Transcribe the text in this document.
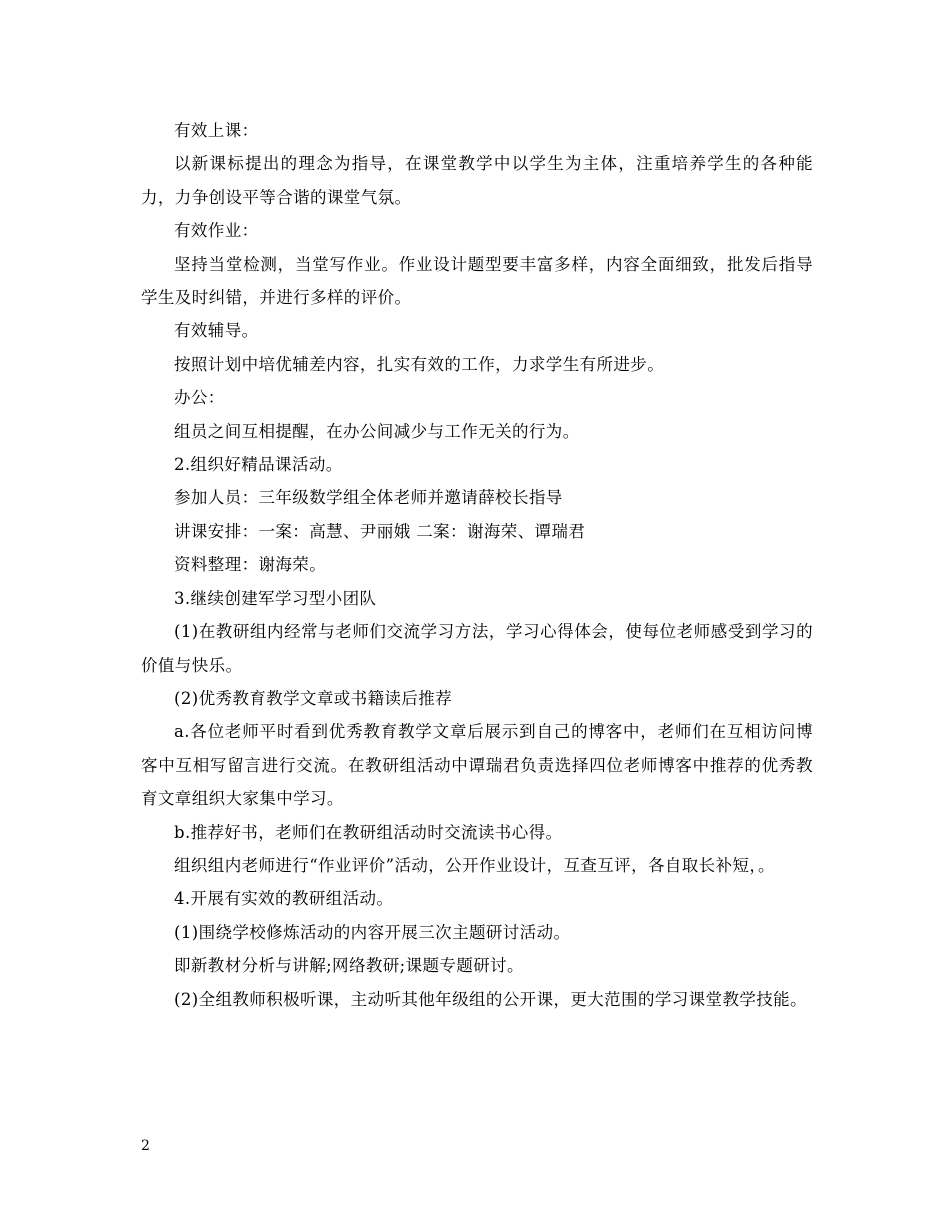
有效上课：

以新课标提出的理念为指导，在课堂教学中以学生为主体，注重培养学生的各种能力，力争创设平等合谐的课堂气氛。

有效作业：

坚持当堂检测，当堂写作业。作业设计题型要丰富多样，内容全面细致，批发后指导学生及时纠错，并进行多样的评价。

有效辅导。

按照计划中培优辅差内容，扎实有效的工作，力求学生有所进步。

办公：

组员之间互相提醒，在办公间减少与工作无关的行为。

2.组织好精品课活动。

参加人员：三年级数学组全体老师并邀请薛校长指导

讲课安排：一案：高慧、尹丽娥 二案：谢海荣、谭瑞君

资料整理：谢海荣。

3.继续创建军学习型小团队

(1)在教研组内经常与老师们交流学习方法，学习心得体会，使每位老师感受到学习的价值与快乐。

(2)优秀教育教学文章或书籍读后推荐

a.各位老师平时看到优秀教育教学文章后展示到自己的博客中，老师们在互相访问博客中互相写留言进行交流。在教研组活动中谭瑞君负责选择四位老师博客中推荐的优秀教育文章组织大家集中学习。

b.推荐好书，老师们在教研组活动时交流读书心得。

组织组内老师进行“作业评价”活动，公开作业设计，互查互评，各自取长补短，。

4.开展有实效的教研组活动。

(1)围绕学校修炼活动的内容开展三次主题研讨活动。

即新教材分析与讲解;网络教研;课题专题研讨。

(2)全组教师积极听课，主动听其他年级组的公开课，更大范围的学习课堂教学技能。

2
